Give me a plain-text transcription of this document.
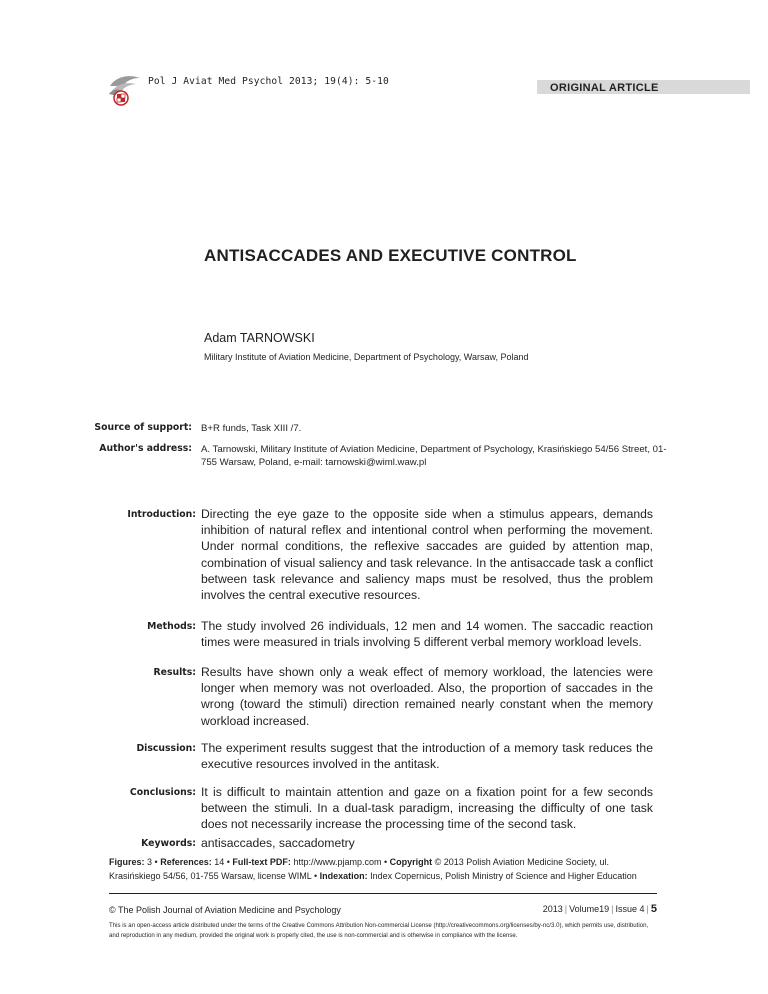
Pol J Aviat Med Psychol 2013; 19(4): 5-10
ORIGINAL ARTICLE
ANTISACCADES AND EXECUTIVE CONTROL
Adam TARNOWSKI
Military Institute of Aviation Medicine, Department of Psychology, Warsaw, Poland
Source of support: B+R funds, Task XIII /7.
Author's address: A. Tarnowski, Military Institute of Aviation Medicine, Department of Psychology, Krasińskiego 54/56 Street, 01-755 Warsaw, Poland, e-mail: tarnowski@wiml.waw.pl
Introduction: Directing the eye gaze to the opposite side when a stimulus appears, demands inhibition of natural reflex and intentional control when performing the movement. Under normal conditions, the reflexive saccades are guided by attention map, combination of visual saliency and task relevance. In the antisaccade task a conflict between task relevance and saliency maps must be resolved, thus the problem involves the central executive resources.
Methods: The study involved 26 individuals, 12 men and 14 women. The saccadic reaction times were measured in trials involving 5 different verbal memory workload levels.
Results: Results have shown only a weak effect of memory workload, the latencies were longer when memory was not overloaded. Also, the proportion of saccades in the wrong (toward the stimuli) direction remained nearly constant when the memory workload increased.
Discussion: The experiment results suggest that the introduction of a memory task reduces the executive resources involved in the antitask.
Conclusions: It is difficult to maintain attention and gaze on a fixation point for a few seconds between the stimuli. In a dual-task paradigm, increasing the difficulty of one task does not necessarily increase the processing time of the second task.
Keywords: antisaccades, saccadometry
Figures: 3 • References: 14 • Full-text PDF: http://www.pjamp.com • Copyright © 2013 Polish Aviation Medicine Society, ul. Krasińskiego 54/56, 01-755 Warsaw, license WIML • Indexation: Index Copernicus, Polish Ministry of Science and Higher Education
© The Polish Journal of Aviation Medicine and Psychology	2013 | Volume19 | Issue 4 | 5
This is an open-access article distributed under the terms of the Creative Commons Attribution Non-commercial License (http://creativecommons.org/licenses/by-nc/3.0), which permits use, distribution, and reproduction in any medium, provided the original work is properly cited, the use is non-commercial and is otherwise in compliance with the license.
